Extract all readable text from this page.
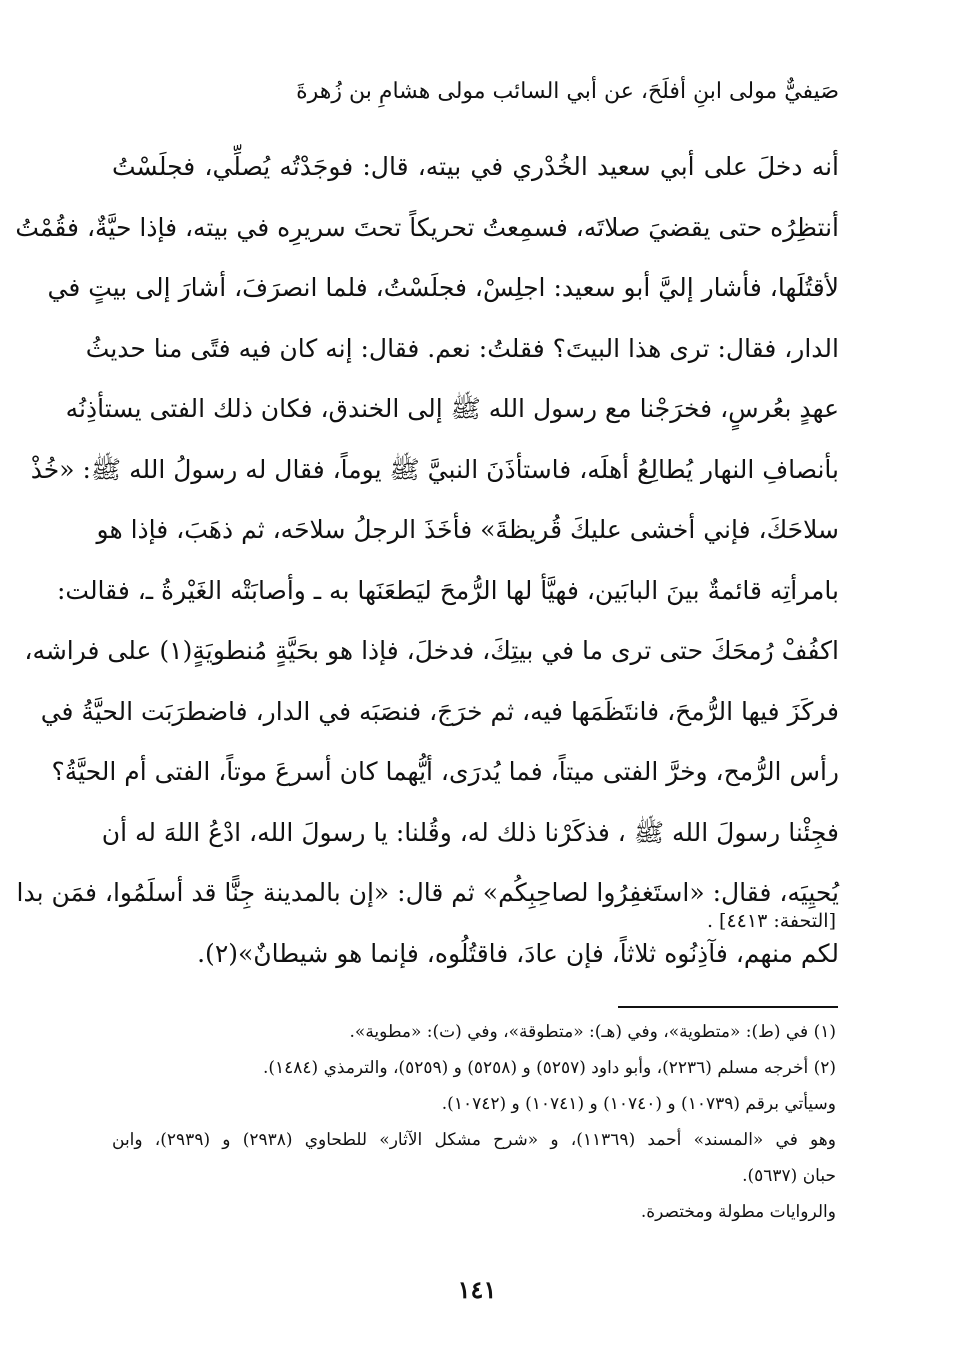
صَيفيٌّ مولى ابنِ أفلَحَ، عن أبي السائب مولى هشامِ بن زُهرةَ
أنه دخلَ على أبي سعيد الخُدْري في بيته، قال: فوجَدْتُه يُصلِّي، فجلَسْتُ
أنتظِرُه حتى يقضيَ صلاتَه، فسمِعتُ تحريكاً تحتَ سريرِه في بيته، فإذا حيَّةٌ، فقُمْتُ
لأقتُلَها، فأشار إليَّ أبو سعيد: اجلِسْ، فجلَسْتُ، فلما انصرَفَ، أشارَ إلى بيتٍ في
الدار، فقال: ترى هذا البيتَ؟ فقلتُ: نعم. فقال: إنه كان فيه فتًى منا حديثُ
عهدٍ بعُرسٍ، فخرَجْنا مع رسول الله ﷺ إلى الخندق، فكان ذلك الفتى يستأذِنُه
بأنصافِ النهار يُطالِعُ أهلَه، فاستأذَنَ النبيَّ ﷺ يوماً، فقال له رسولُ الله ﷺ: «خُذْ
سلاحَكَ، فإني أخشى عليكَ قُريظةَ» فأخَذَ الرجلُ سلاحَه، ثم ذهَبَ، فإذا هو
بامرأتِه قائمةٌ بينَ البابَين، فهيَّأ لها الرُّمحَ ليَطعَنَها به ـ وأصابَتْه الغَيْرةُ ـ، فقالت:
اكفُفْ رُمحَكَ حتى ترى ما في بيتِكَ، فدخلَ، فإذا هو بحَيَّةٍ مُنطويَةٍ(١) على فراشه،
فركَزَ فيها الرُّمحَ، فانتَظَمَها فيه، ثم خرَجَ، فنصَبَه في الدار، فاضطرَبَت الحيَّةُ في
رأس الرُّمح، وخرَّ الفتى ميتاً، فما يُدرَى، أيُّهما كان أسرعَ موتاً، الفتى أم الحيَّةُ؟
فجِئْنا رسولَ الله ﷺ ، فذكَرْنا ذلك له، وقُلنا: يا رسولَ الله، ادْعُ اللهَ له أن
يُحيِيَه، فقال: «استَغفِرُوا لصاحِبِكُم» ثم قال: «إن بالمدينة جِنًّا قد أسلَمُوا، فمَن بدا
لكم منهم، فآذِنُوه ثلاثاً، فإن عادَ، فاقتُلُوه، فإنما هو شيطانٌ»(٢).
[التحفة: ٤٤١٣] .
(١) في (ط): «متطوية»، وفي (هـ): «متطوقة»، وفي (ت): «مطوية».
(٢) أخرجه مسلم (٢٢٣٦)، وأبو داود (٥٢٥٧) و (٥٢٥٨) و (٥٢٥٩)، والترمذي (١٤٨٤).
وسيأتي برقم (١٠٧٣٩) و (١٠٧٤٠) و (١٠٧٤١) و (١٠٧٤٢).
وهو في «المسند» أحمد (١١٣٦٩)، و «شرح مشكل الآثار» للطحاوي (٢٩٣٨) و (٢٩٣٩)، وابن
حبان (٥٦٣٧).
والروايات مطولة ومختصرة.
١٤١
